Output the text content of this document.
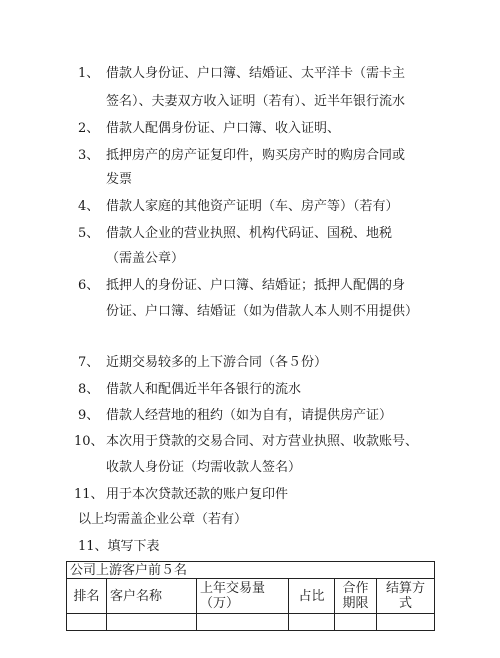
1、 借款人身份证、户口簿、结婚证、太平洋卡（需卡主
签名）、夫妻双方收入证明（若有）、近半年银行流水
2、 借款人配偶身份证、户口簿、收入证明、
3、 抵押房产的房产证复印件，购买房产时的购房合同或
发票
4、 借款人家庭的其他资产证明（车、房产等）（若有）
5、 借款人企业的营业执照、机构代码证、国税、地税
（需盖公章）
6、 抵押人的身份证、户口簿、结婚证；抵押人配偶的身
份证、户口簿、结婚证（如为借款人本人则不用提供）
7、 近期交易较多的上下游合同（各５份）
8、 借款人和配偶近半年各银行的流水
9、 借款人经营地的租约（如为自有，请提供房产证）
10、 本次用于贷款的交易合同、对方营业执照、收款账号、
收款人身份证（均需收款人签名）
11、 用于本次贷款还款的账户复印件
以上均需盖企业公章（若有）
11、填写下表
公司上游客户前５名					
排名	客户名称	上年交易量（万）	占比	合作期限	结算方式
